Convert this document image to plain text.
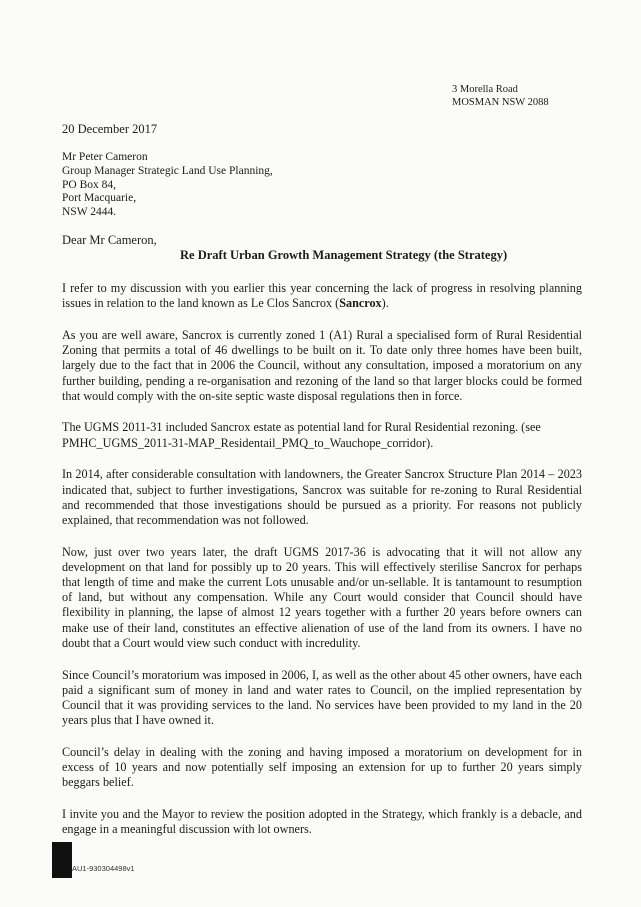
3 Morella Road
MOSMAN NSW 2088
20 December 2017
Mr Peter Cameron
Group Manager Strategic Land Use Planning,
PO Box 84,
Port Macquarie,
NSW 2444.
Dear Mr Cameron,
Re Draft Urban Growth Management Strategy (the Strategy)

I refer to my discussion with you earlier this year concerning the lack of progress in resolving planning issues in relation to the land known as Le Clos Sancrox (Sancrox).

As you are well aware, Sancrox is currently zoned 1 (A1) Rural a specialised form of Rural Residential Zoning that permits a total of 46 dwellings to be built on it. To date only three homes have been built, largely due to the fact that in 2006 the Council, without any consultation, imposed a moratorium on any further building, pending a re-organisation and rezoning of the land so that larger blocks could be formed that would comply with the on-site septic waste disposal regulations then in force.

The UGMS 2011-31 included Sancrox estate as potential land for Rural Residential rezoning. (see
PMHC_UGMS_2011-31-MAP_Residentail_PMQ_to_Wauchope_corridor).

In 2014, after considerable consultation with landowners, the Greater Sancrox Structure Plan 2014 – 2023 indicated that, subject to further investigations, Sancrox was suitable for re-zoning to Rural Residential and recommended that those investigations should be pursued as a priority. For reasons not publicly explained, that recommendation was not followed.

Now, just over two years later, the draft UGMS 2017-36 is advocating that it will not allow any development on that land for possibly up to 20 years. This will effectively sterilise Sancrox for perhaps that length of time and make the current Lots unusable and/or un-sellable. It is tantamount to resumption of land, but without any compensation. While any Court would consider that Council should have flexibility in planning, the lapse of almost 12 years together with a further 20 years before owners can make use of their land, constitutes an effective alienation of use of the land from its owners. I have no doubt that a Court would view such conduct with incredulity.

Since Council’s moratorium was imposed in 2006, I, as well as the other about 45 other owners, have each paid a significant sum of money in land and water rates to Council, on the implied representation by Council that it was providing services to the land. No services have been provided to my land in the 20 years plus that I have owned it.

Council’s delay in dealing with the zoning and having imposed a moratorium on development for in excess of 10 years and now potentially self imposing an extension for up to further 20 years simply beggars belief.

I invite you and the Mayor to review the position adopted in the Strategy, which frankly is a debacle, and engage in a meaningful discussion with lot owners.

AU1-930304498v1
